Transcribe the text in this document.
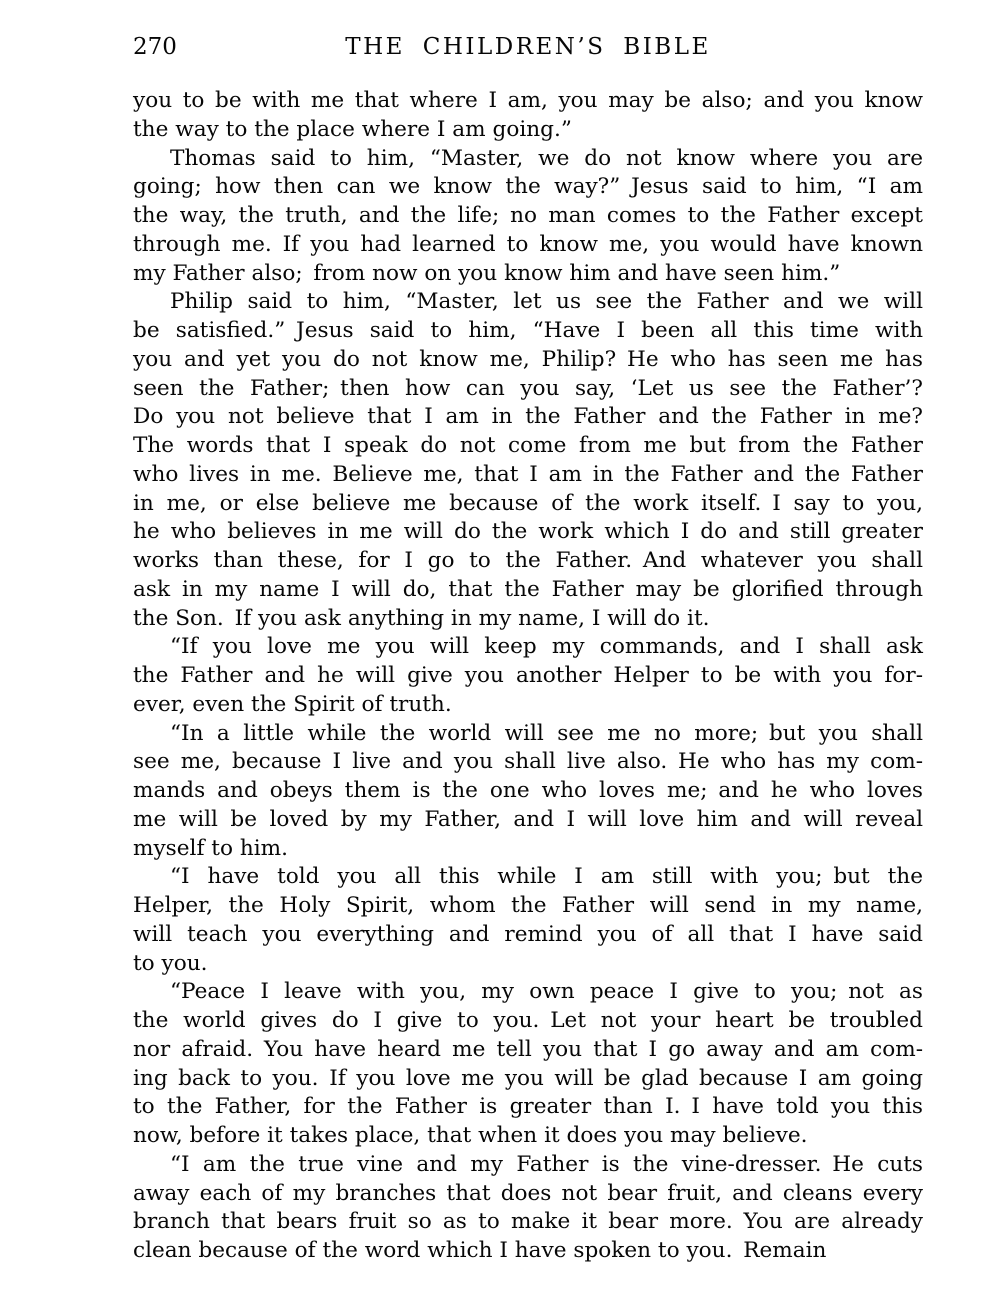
270	THE CHILDREN’S BIBLE
you to be with me that where I am, you may be also; and you know
the way to the place where I am going.”
Thomas said to him, “Master, we do not know where you are
going; how then can we know the way?” Jesus said to him, “I am
the way, the truth, and the life; no man comes to the Father except
through me. If you had learned to know me, you would have known
my Father also; from now on you know him and have seen him.”
Philip said to him, “Master, let us see the Father and we will
be satisfied.” Jesus said to him, “Have I been all this time with
you and yet you do not know me, Philip? He who has seen me has
seen the Father; then how can you say, ‘Let us see the Father’?
Do you not believe that I am in the Father and the Father in me?
The words that I speak do not come from me but from the Father
who lives in me. Believe me, that I am in the Father and the Father
in me, or else believe me because of the work itself. I say to you,
he who believes in me will do the work which I do and still greater
works than these, for I go to the Father. And whatever you shall
ask in my name I will do, that the Father may be glorified through
the Son. If you ask anything in my name, I will do it.
“If you love me you will keep my commands, and I shall ask
the Father and he will give you another Helper to be with you for-
ever, even the Spirit of truth.
“In a little while the world will see me no more; but you shall
see me, because I live and you shall live also. He who has my com-
mands and obeys them is the one who loves me; and he who loves
me will be loved by my Father, and I will love him and will reveal
myself to him.
“I have told you all this while I am still with you; but the
Helper, the Holy Spirit, whom the Father will send in my name,
will teach you everything and remind you of all that I have said
to you.
“Peace I leave with you, my own peace I give to you; not as
the world gives do I give to you. Let not your heart be troubled
nor afraid. You have heard me tell you that I go away and am com-
ing back to you. If you love me you will be glad because I am going
to the Father, for the Father is greater than I. I have told you this
now, before it takes place, that when it does you may believe.
“I am the true vine and my Father is the vine-dresser. He cuts
away each of my branches that does not bear fruit, and cleans every
branch that bears fruit so as to make it bear more. You are already
clean because of the word which I have spoken to you. Remain
